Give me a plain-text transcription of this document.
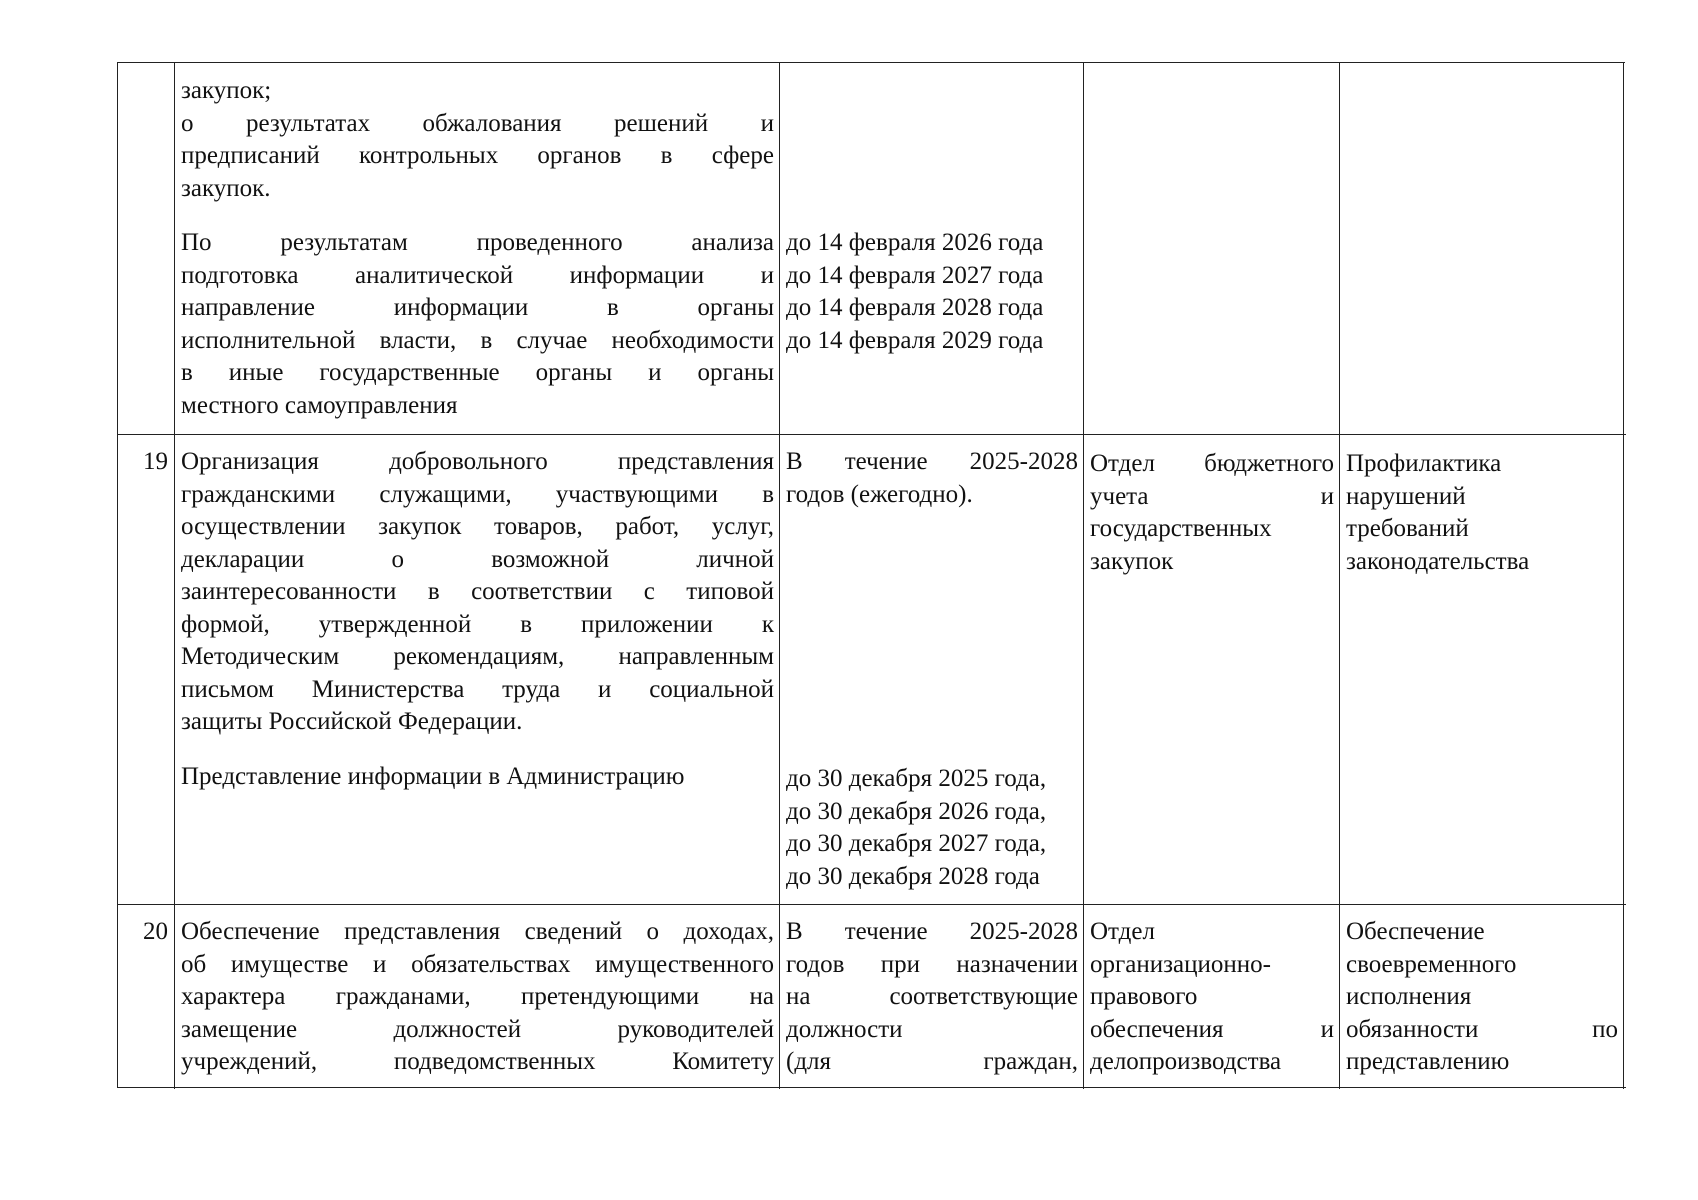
закупок;
о результатах обжалования решений и
предписаний контрольных органов в сфере
закупок.
По результатам проведенного анализа
подготовка аналитической информации и
направление информации в органы
исполнительной власти, в случае необходимости
в иные государственные органы и органы
местного самоуправления
до 14 февраля 2026 года
до 14 февраля 2027 года
до 14 февраля 2028 года
до 14 февраля 2029 года
19 Организация добровольного представления
гражданскими служащими, участвующими в
осуществлении закупок товаров, работ, услуг,
декларации о возможной личной
заинтересованности в соответствии с типовой
формой, утвержденной в приложении к
Методическим рекомендациям, направленным
письмом Министерства труда и социальной
защиты Российской Федерации.
Представление информации в Администрацию
В течение 2025-2028
годов (ежегодно).
до 30 декабря 2025 года,
до 30 декабря 2026 года,
до 30 декабря 2027 года,
до 30 декабря 2028 года
Отдел бюджетного
учета и
государственных
закупок
Профилактика
нарушений
требований
законодательства
20 Обеспечение представления сведений о доходах,
об имуществе и обязательствах имущественного
характера гражданами, претендующими на
замещение должностей руководителей
учреждений, подведомственных Комитету
В течение 2025-2028
годов при назначении
на соответствующие
должности
(для граждан,
Отдел
организационно-
правового
обеспечения и
делопроизводства
Обеспечение
своевременного
исполнения
обязанности по
представлению
